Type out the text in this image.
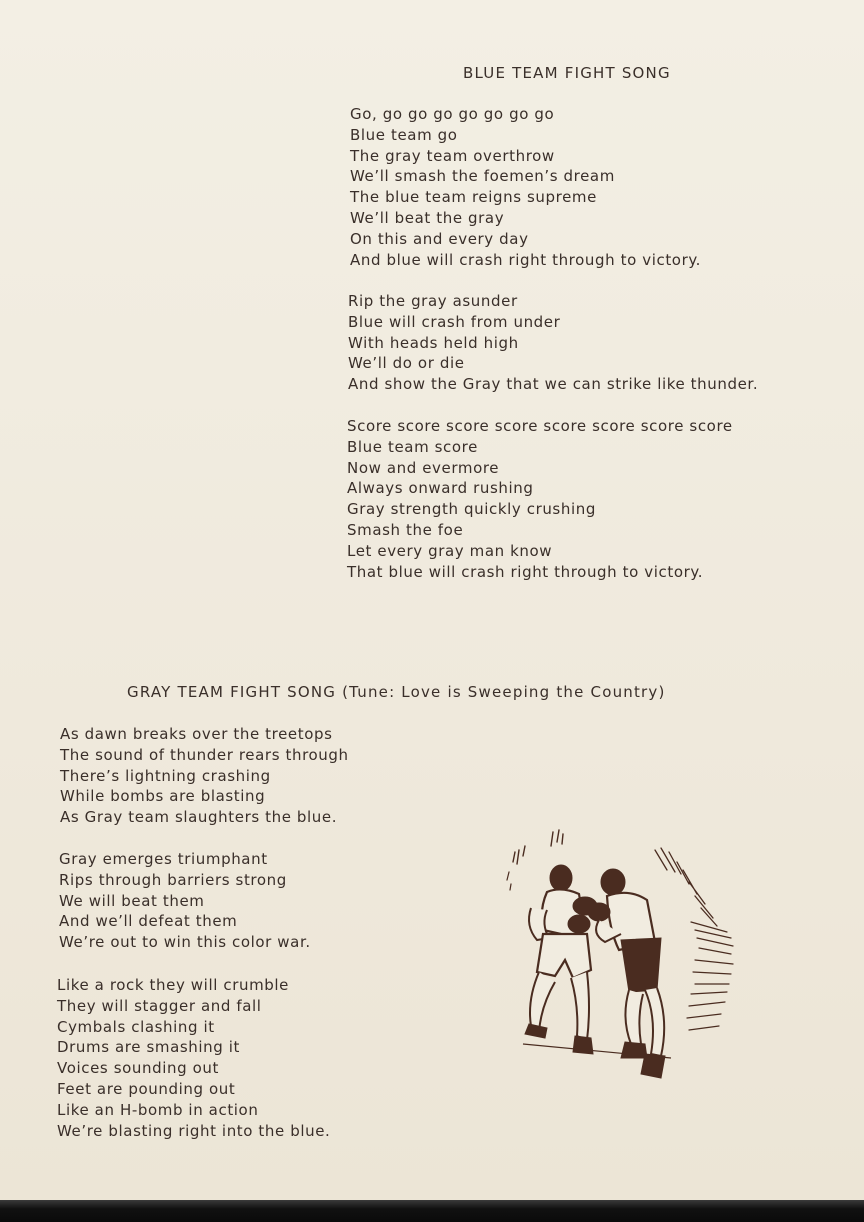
BLUE TEAM FIGHT SONG
Go, go go go go go go go
Blue team go
The gray team overthrow
We’ll smash the foemen’s dream
The blue team reigns supreme
We’ll beat the gray
On this and every day
And blue will crash right through to victory.
Rip the gray asunder
Blue will crash from under
With heads held high
We’ll do or die
And show the Gray that we can strike like thunder.
Score score score score score score score score
Blue team score
Now and evermore
Always onward rushing
Gray strength quickly crushing
Smash the foe
Let every gray man know
That blue will crash right through to victory.
GRAY TEAM FIGHT SONG (Tune: Love is Sweeping the Country)
As dawn breaks over the treetops
The sound of thunder rears through
There’s lightning crashing
While bombs are blasting
As Gray team slaughters the blue.
Gray emerges triumphant
Rips through barriers strong
We will beat them
And we’ll defeat them
We’re out to win this color war.
Like a rock they will crumble
They will stagger and fall
Cymbals clashing it
Drums are smashing it
Voices sounding out
Feet are pounding out
Like an H-bomb in action
We’re blasting right into the blue.
